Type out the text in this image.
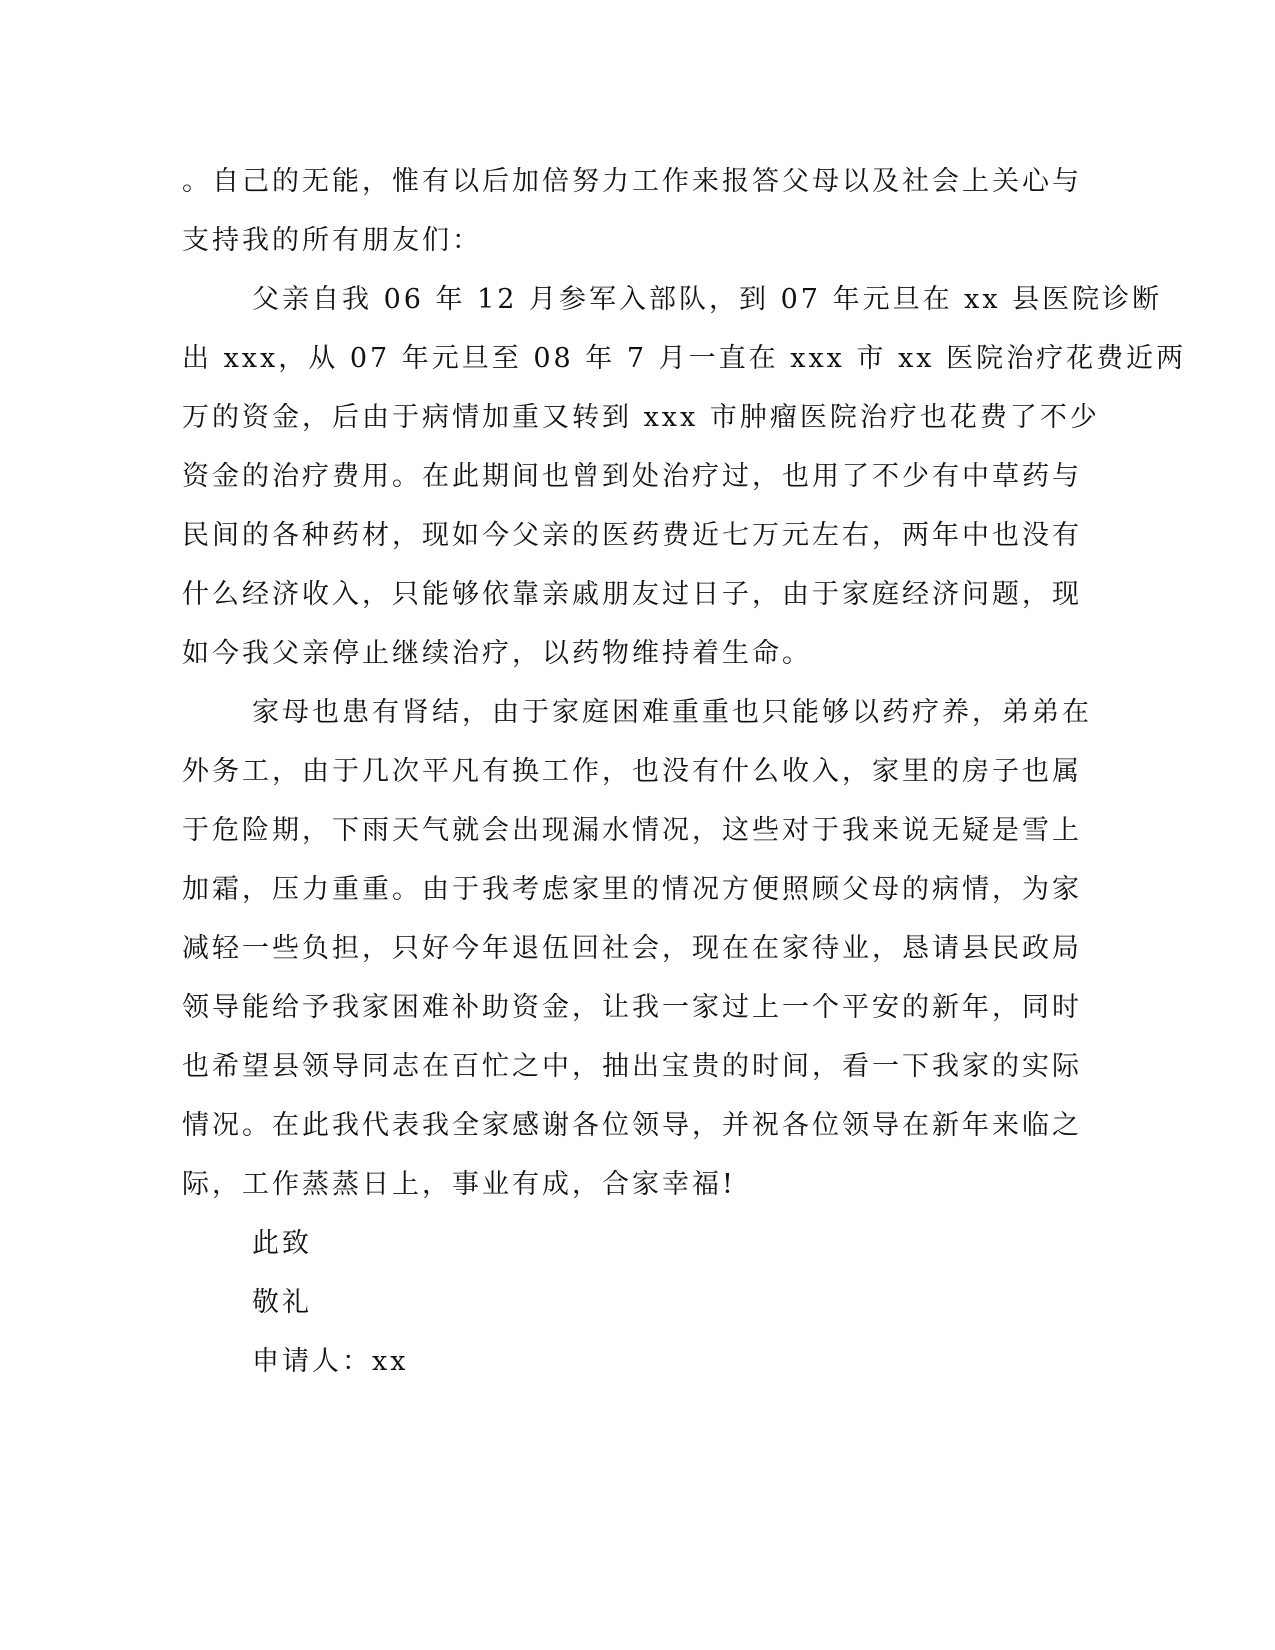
。自己的无能，惟有以后加倍努力工作来报答父母以及社会上关心与
支持我的所有朋友们：
父亲自我 06 年 12 月参军入部队，到 07 年元旦在 xx 县医院诊断
出 xxx，从 07 年元旦至 08 年 7 月一直在 xxx 市 xx 医院治疗花费近两
万的资金，后由于病情加重又转到 xxx 市肿瘤医院治疗也花费了不少
资金的治疗费用。在此期间也曾到处治疗过，也用了不少有中草药与
民间的各种药材，现如今父亲的医药费近七万元左右，两年中也没有
什么经济收入，只能够依靠亲戚朋友过日子，由于家庭经济问题，现
如今我父亲停止继续治疗，以药物维持着生命。
家母也患有肾结，由于家庭困难重重也只能够以药疗养，弟弟在
外务工，由于几次平凡有换工作，也没有什么收入，家里的房子也属
于危险期，下雨天气就会出现漏水情况，这些对于我来说无疑是雪上
加霜，压力重重。由于我考虑家里的情况方便照顾父母的病情，为家
减轻一些负担，只好今年退伍回社会，现在在家待业，恳请县民政局
领导能给予我家困难补助资金，让我一家过上一个平安的新年，同时
也希望县领导同志在百忙之中，抽出宝贵的时间，看一下我家的实际
情况。在此我代表我全家感谢各位领导，并祝各位领导在新年来临之
际，工作蒸蒸日上，事业有成，合家幸福!
此致
敬礼
申请人：xx
